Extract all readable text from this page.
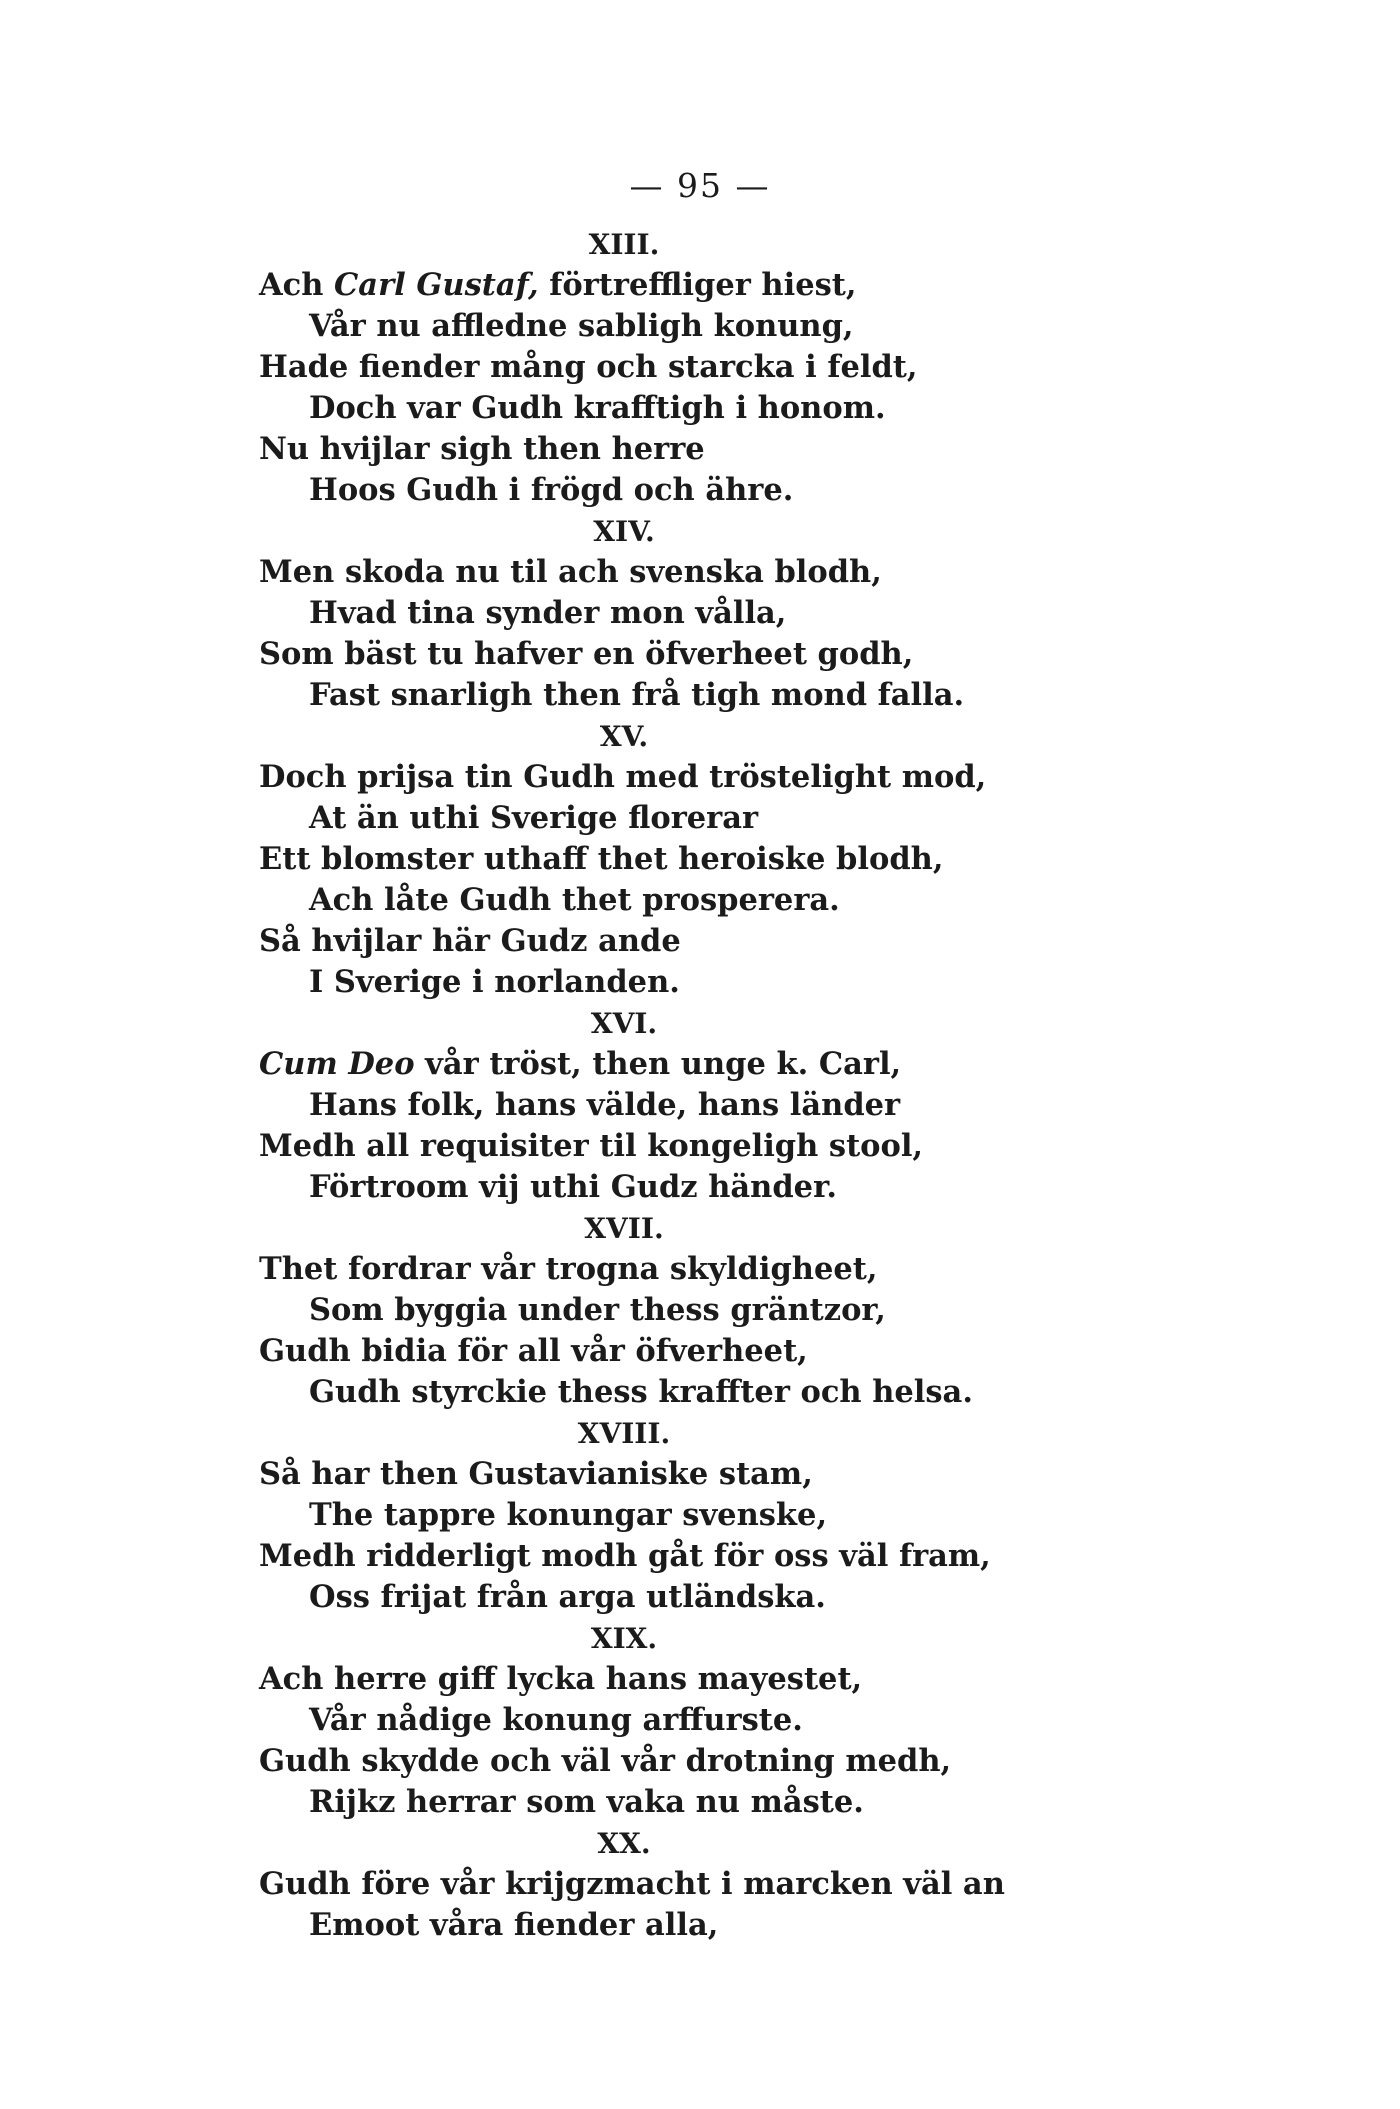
— 95 —
XIII.
Ach Carl Gustaf, förtreffliger hiest,
Vår nu affledne sabligh konung,
Hade fiender mång och starcka i feldt,
Doch var Gudh krafftigh i honom.
Nu hvijlar sigh then herre
Hoos Gudh i frögd och ähre.
XIV.
Men skoda nu til ach svenska blodh,
Hvad tina synder mon vålla,
Som bäst tu hafver en öfverheet godh,
Fast snarligh then frå tigh mond falla.
XV.
Doch prijsa tin Gudh med tröstelight mod,
At än uthi Sverige florerar
Ett blomster uthaff thet heroiske blodh,
Ach låte Gudh thet prosperera.
Så hvijlar här Gudz ande
I Sverige i norlanden.
XVI.
Cum Deo vår tröst, then unge k. Carl,
Hans folk, hans välde, hans länder
Medh all requisiter til kongeligh stool,
Förtroom vij uthi Gudz händer.
XVII.
Thet fordrar vår trogna skyldigheet,
Som byggia under thess gräntzor,
Gudh bidia för all vår öfverheet,
Gudh styrckie thess kraffter och helsa.
XVIII.
Så har then Gustavianiske stam,
The tappre konungar svenske,
Medh ridderligt modh gåt för oss väl fram,
Oss frijat från arga utländska.
XIX.
Ach herre giff lycka hans mayestet,
Vår nådige konung arffurste.
Gudh skydde och väl vår drotning medh,
Rijkz herrar som vaka nu måste.
XX.
Gudh före vår krijgzmacht i marcken väl an
Emoot våra fiender alla,
